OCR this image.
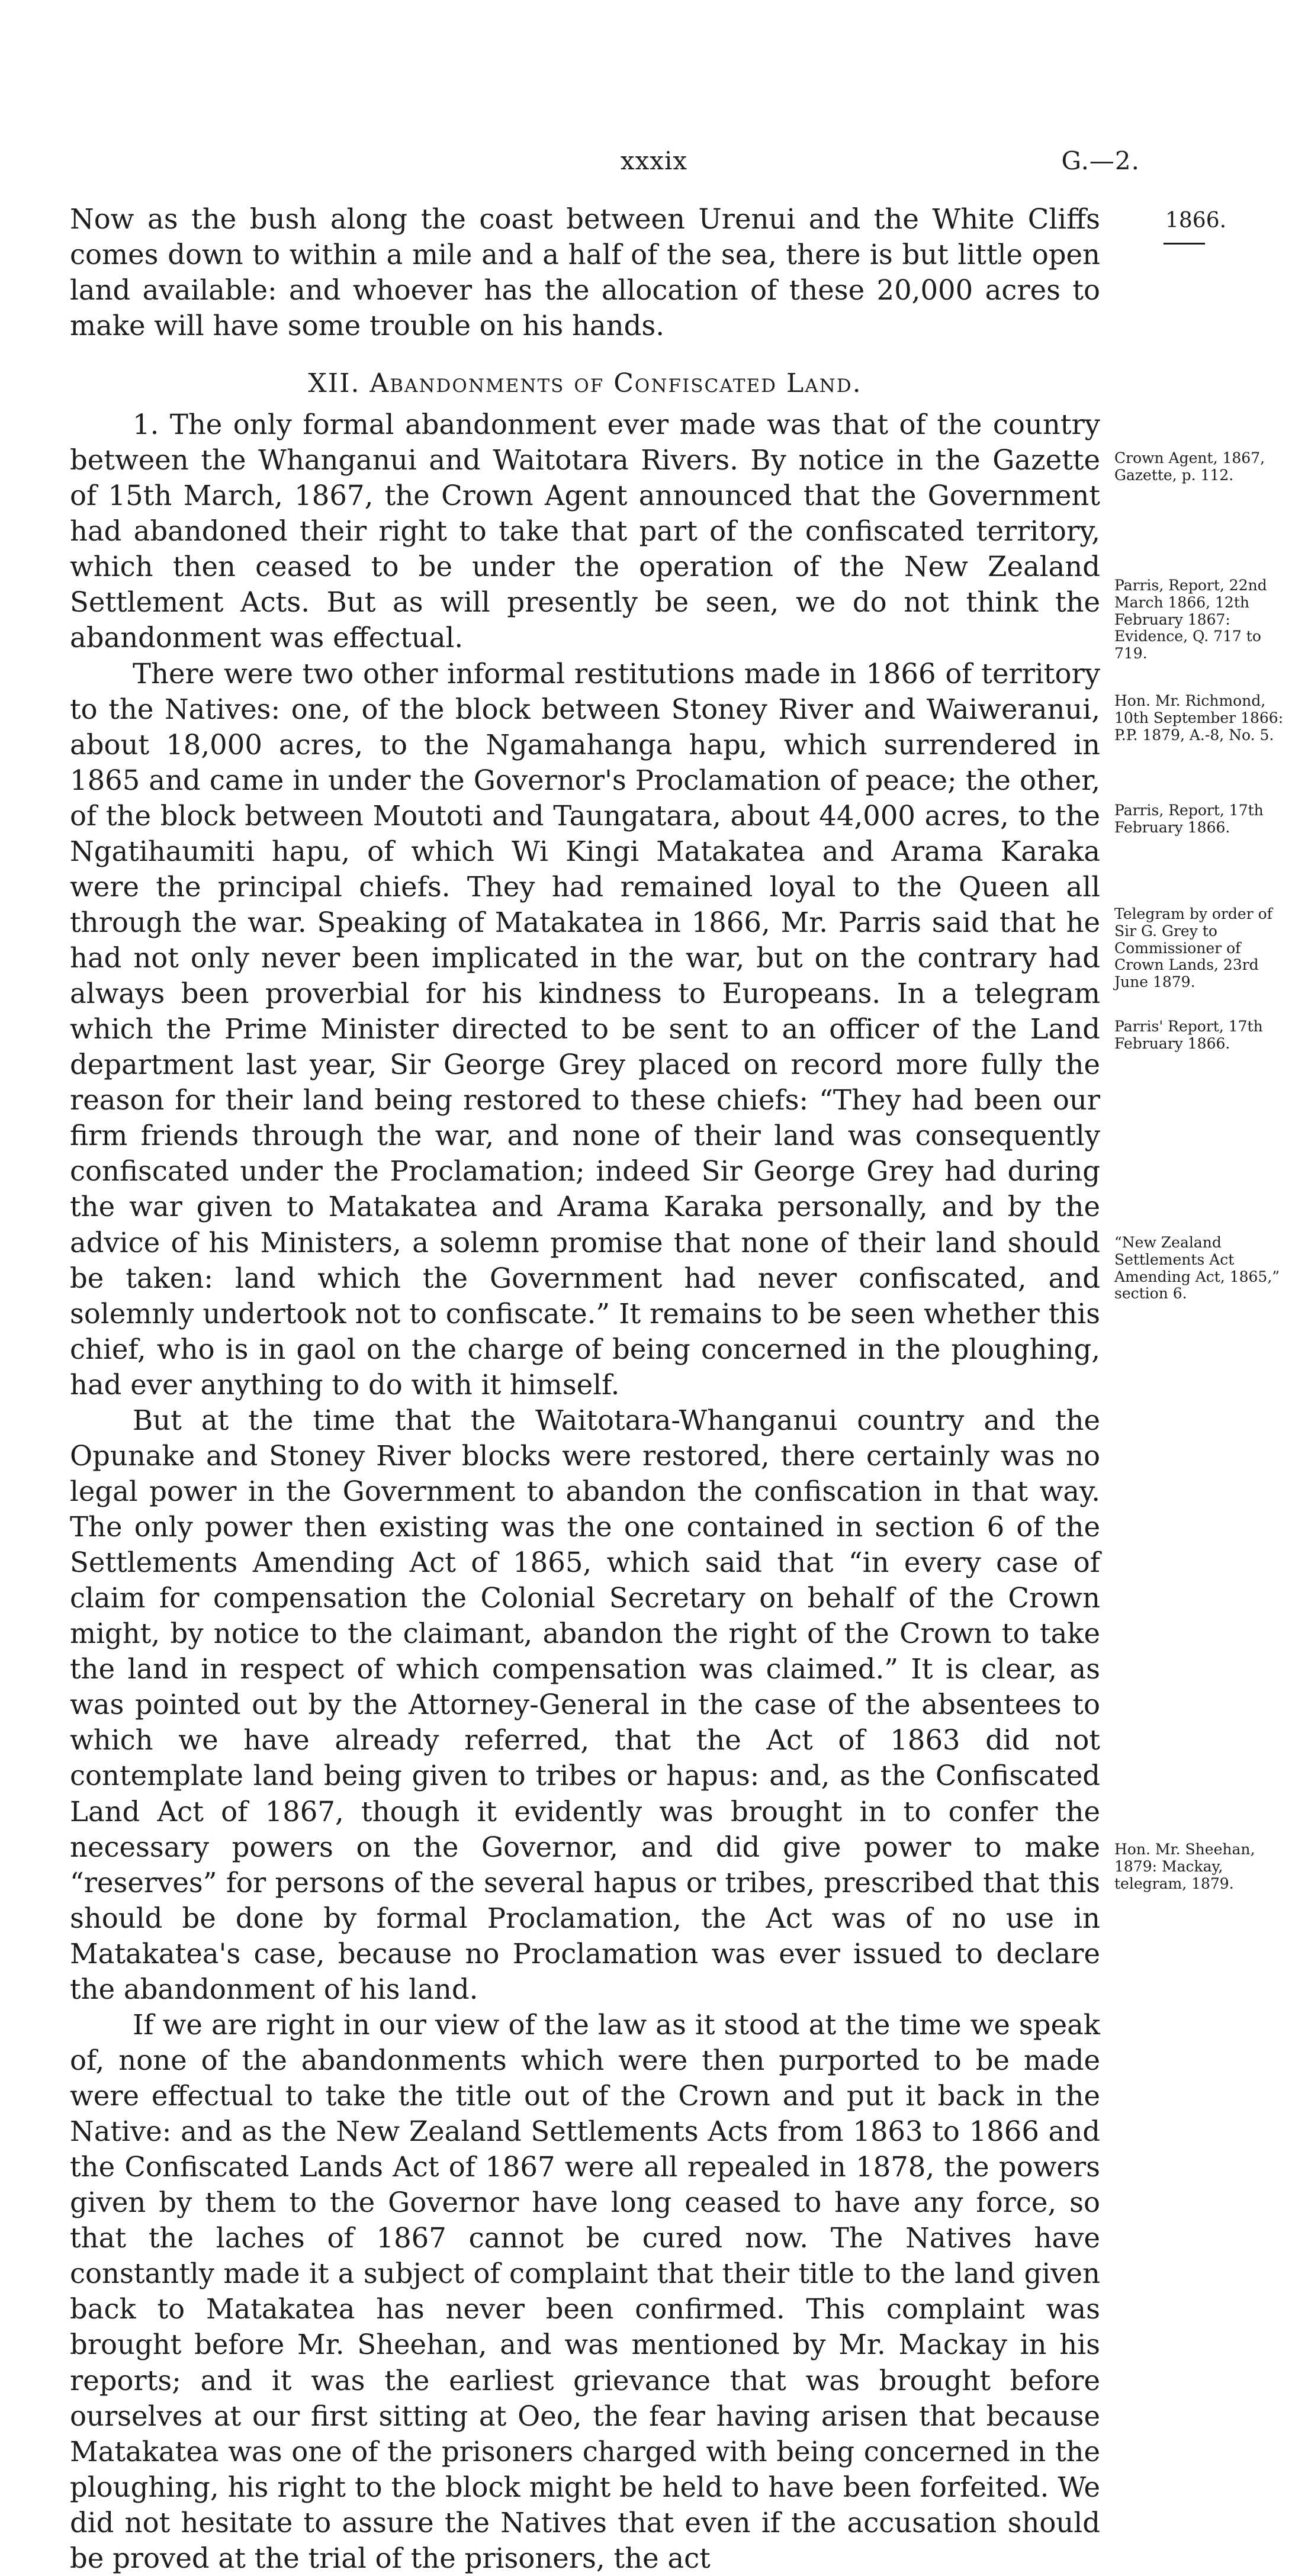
xxxix	G.—2.
1866.

Now as the bush along the coast between Urenui and the White Cliffs comes down to within a mile and a half of the sea, there is but little open land available: and whoever has the allocation of these 20,000 acres to make will have some trouble on his hands.

XII. Abandonments of Confiscated Land.

1. The only formal abandonment ever made was that of the country between the Whanganui and Waitotara Rivers. By notice in the Gazette of 15th March, 1867, the Crown Agent announced that the Government had abandoned their right to take that part of the confiscated territory, which then ceased to be under the operation of the New Zealand Settlement Acts. But as will presently be seen, we do not think the abandonment was effectual.

There were two other informal restitutions made in 1866 of territory to the Natives: one, of the block between Stoney River and Waiweranui, about 18,000 acres, to the Ngamahanga hapu, which surrendered in 1865 and came in under the Governor's Proclamation of peace; the other, of the block between Moutoti and Taungatara, about 44,000 acres, to the Ngatihaumiti hapu, of which Wi Kingi Matakatea and Arama Karaka were the principal chiefs. They had remained loyal to the Queen all through the war. Speaking of Matakatea in 1866, Mr. Parris said that he had not only never been implicated in the war, but on the contrary had always been proverbial for his kindness to Europeans. In a telegram which the Prime Minister directed to be sent to an officer of the Land department last year, Sir George Grey placed on record more fully the reason for their land being restored to these chiefs: “They had been our firm friends through the war, and none of their land was consequently confiscated under the Proclamation; indeed Sir George Grey had during the war given to Matakatea and Arama Karaka personally, and by the advice of his Ministers, a solemn promise that none of their land should be taken: land which the Government had never confiscated, and solemnly undertook not to confiscate.” It remains to be seen whether this chief, who is in gaol on the charge of being concerned in the ploughing, had ever anything to do with it himself.

But at the time that the Waitotara-Whanganui country and the Opunake and Stoney River blocks were restored, there certainly was no legal power in the Government to abandon the confiscation in that way. The only power then existing was the one contained in section 6 of the Settlements Amending Act of 1865, which said that “in every case of claim for compensation the Colonial Secretary on behalf of the Crown might, by notice to the claimant, abandon the right of the Crown to take the land in respect of which compensation was claimed.” It is clear, as was pointed out by the Attorney-General in the case of the absentees to which we have already referred, that the Act of 1863 did not contemplate land being given to tribes or hapus: and, as the Confiscated Land Act of 1867, though it evidently was brought in to confer the necessary powers on the Governor, and did give power to make “reserves” for persons of the several hapus or tribes, prescribed that this should be done by formal Proclamation, the Act was of no use in Matakatea's case, because no Proclamation was ever issued to declare the abandonment of his land.

If we are right in our view of the law as it stood at the time we speak of, none of the abandonments which were then purported to be made were effectual to take the title out of the Crown and put it back in the Native: and as the New Zealand Settlements Acts from 1863 to 1866 and the Confiscated Lands Act of 1867 were all repealed in 1878, the powers given by them to the Governor have long ceased to have any force, so that the laches of 1867 cannot be cured now. The Natives have constantly made it a subject of complaint that their title to the land given back to Matakatea has never been confirmed. This complaint was brought before Mr. Sheehan, and was mentioned by Mr. Mackay in his reports; and it was the earliest grievance that was brought before ourselves at our first sitting at Oeo, the fear having arisen that because Matakatea was one of the prisoners charged with being concerned in the ploughing, his right to the block might be held to have been forfeited. We did not hesitate to assure the Natives that even if the accusation should be proved at the trial of the prisoners, the act

Crown Agent, 1867, Gazette, p. 112.
Parris, Report, 22nd March 1866, 12th February 1867: Evidence, Q. 717 to 719.
Hon. Mr. Richmond, 10th September 1866: P.P. 1879, A.-8, No. 5.
Parris, Report, 17th February 1866.
Telegram by order of Sir G. Grey to Commissioner of Crown Lands, 23rd June 1879.
Parris' Report, 17th February 1866.
“New Zealand Settlements Act Amending Act, 1865,” section 6.
Hon. Mr. Sheehan, 1879: Mackay, telegram, 1879.
